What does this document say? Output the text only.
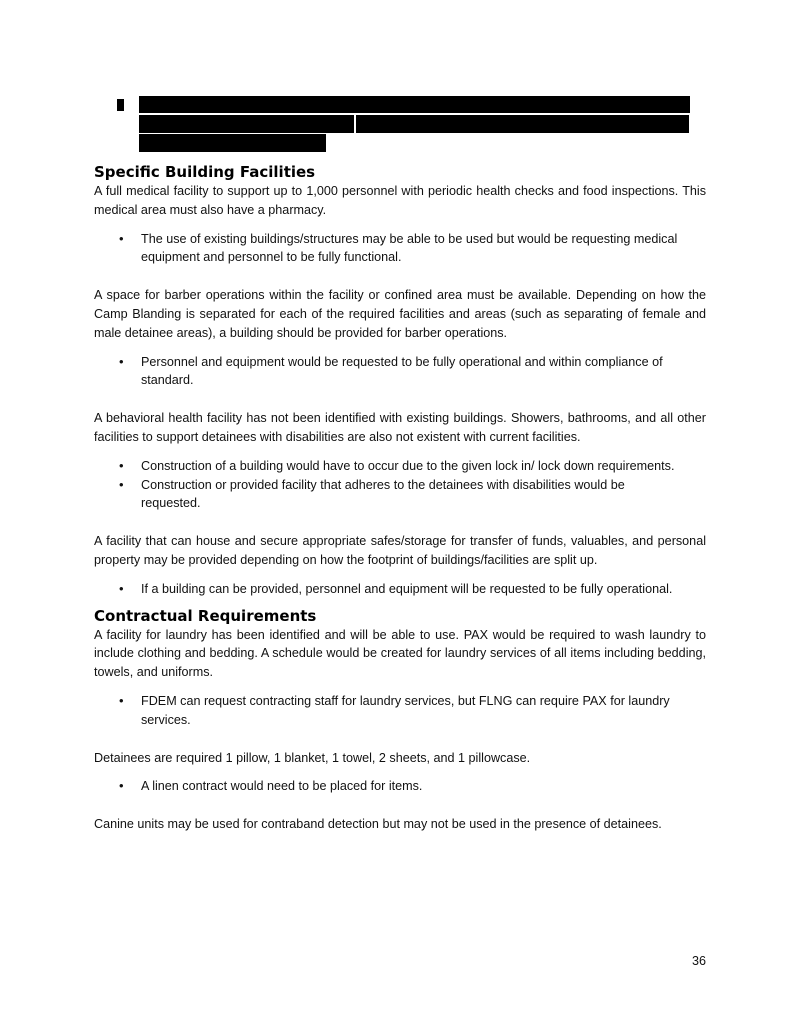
Specific Building Facilities

A full medical facility to support up to 1,000 personnel with periodic health checks and food inspections. This medical area must also have a pharmacy.

• The use of existing buildings/structures may be able to be used but would be requesting medical equipment and personnel to be fully functional.

A space for barber operations within the facility or confined area must be available. Depending on how the Camp Blanding is separated for each of the required facilities and areas (such as separating of female and male detainee areas), a building should be provided for barber operations.

• Personnel and equipment would be requested to be fully operational and within compliance of standard.

A behavioral health facility has not been identified with existing buildings. Showers, bathrooms, and all other facilities to support detainees with disabilities are also not existent with current facilities.

• Construction of a building would have to occur due to the given lock in/ lock down requirements.
• Construction or provided facility that adheres to the detainees with disabilities would be requested.

A facility that can house and secure appropriate safes/storage for transfer of funds, valuables, and personal property may be provided depending on how the footprint of buildings/facilities are split up.

• If a building can be provided, personnel and equipment will be requested to be fully operational.
Contractual Requirements

A facility for laundry has been identified and will be able to use. PAX would be required to wash laundry to include clothing and bedding. A schedule would be created for laundry services of all items including bedding, towels, and uniforms.

• FDEM can request contracting staff for laundry services, but FLNG can require PAX for laundry services.

Detainees are required 1 pillow, 1 blanket, 1 towel, 2 sheets, and 1 pillowcase.

• A linen contract would need to be placed for items.

Canine units may be used for contraband detection but may not be used in the presence of detainees.

36
